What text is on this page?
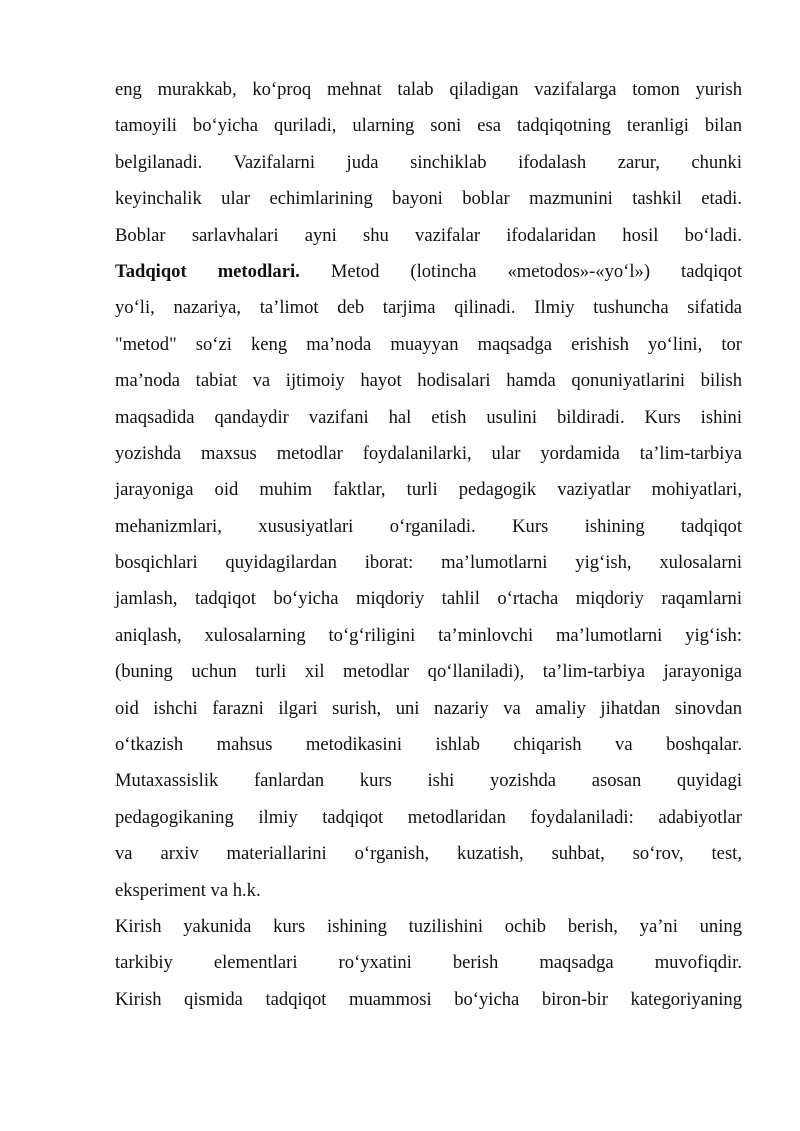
eng murakkab, ko‘proq mehnat talab qiladigan vazifalarga tomon yurish
tamoyili bo‘yicha quriladi, ularning soni esa tadqiqotning teranligi bilan
belgilanadi. Vazifalarni juda sinchiklab ifodalash zarur, chunki
keyinchalik ular echimlarining bayoni boblar mazmunini tashkil etadi.
Boblar sarlavhalari ayni shu vazifalar ifodalaridan hosil bo‘ladi.
Tadqiqot metodlari. Metod (lotincha «metodos»-«yo‘l») tadqiqot
yo‘li, nazariya, ta’limot deb tarjima qilinadi. Ilmiy tushuncha sifatida
"metod" so‘zi keng ma’noda muayyan maqsadga erishish yo‘lini, tor
ma’noda tabiat va ijtimoiy hayot hodisalari hamda qonuniyatlarini bilish
maqsadida qandaydir vazifani hal etish usulini bildiradi. Kurs ishini
yozishda maxsus metodlar foydalanilarki, ular yordamida ta’lim-tarbiya
jarayoniga oid muhim faktlar, turli pedagogik vaziyatlar mohiyatlari,
mehanizmlari, xususiyatlari o‘rganiladi. Kurs ishining tadqiqot
bosqichlari quyidagilardan iborat: ma’lumotlarni yig‘ish, xulosalarni
jamlash, tadqiqot bo‘yicha miqdoriy tahlil o‘rtacha miqdoriy raqamlarni
aniqlash, xulosalarning to‘g‘riligini ta’minlovchi ma’lumotlarni yig‘ish:
(buning uchun turli xil metodlar qo‘llaniladi), ta’lim-tarbiya jarayoniga
oid ishchi farazni ilgari surish, uni nazariy va amaliy jihatdan sinovdan
o‘tkazish mahsus metodikasini ishlab chiqarish va boshqalar.
Mutaxassislik fanlardan kurs ishi yozishda asosan quyidagi
pedagogikaning ilmiy tadqiqot metodlaridan foydalaniladi: adabiyotlar
va arxiv materiallarini o‘rganish, kuzatish, suhbat, so‘rov, test,
eksperiment va h.k.
Kirish yakunida kurs ishining tuzilishini ochib berish, ya’ni uning
tarkibiy elementlari ro‘yxatini berish maqsadga muvofiqdir.
Kirish qismida tadqiqot muammosi bo‘yicha biron-bir kategoriyaning
